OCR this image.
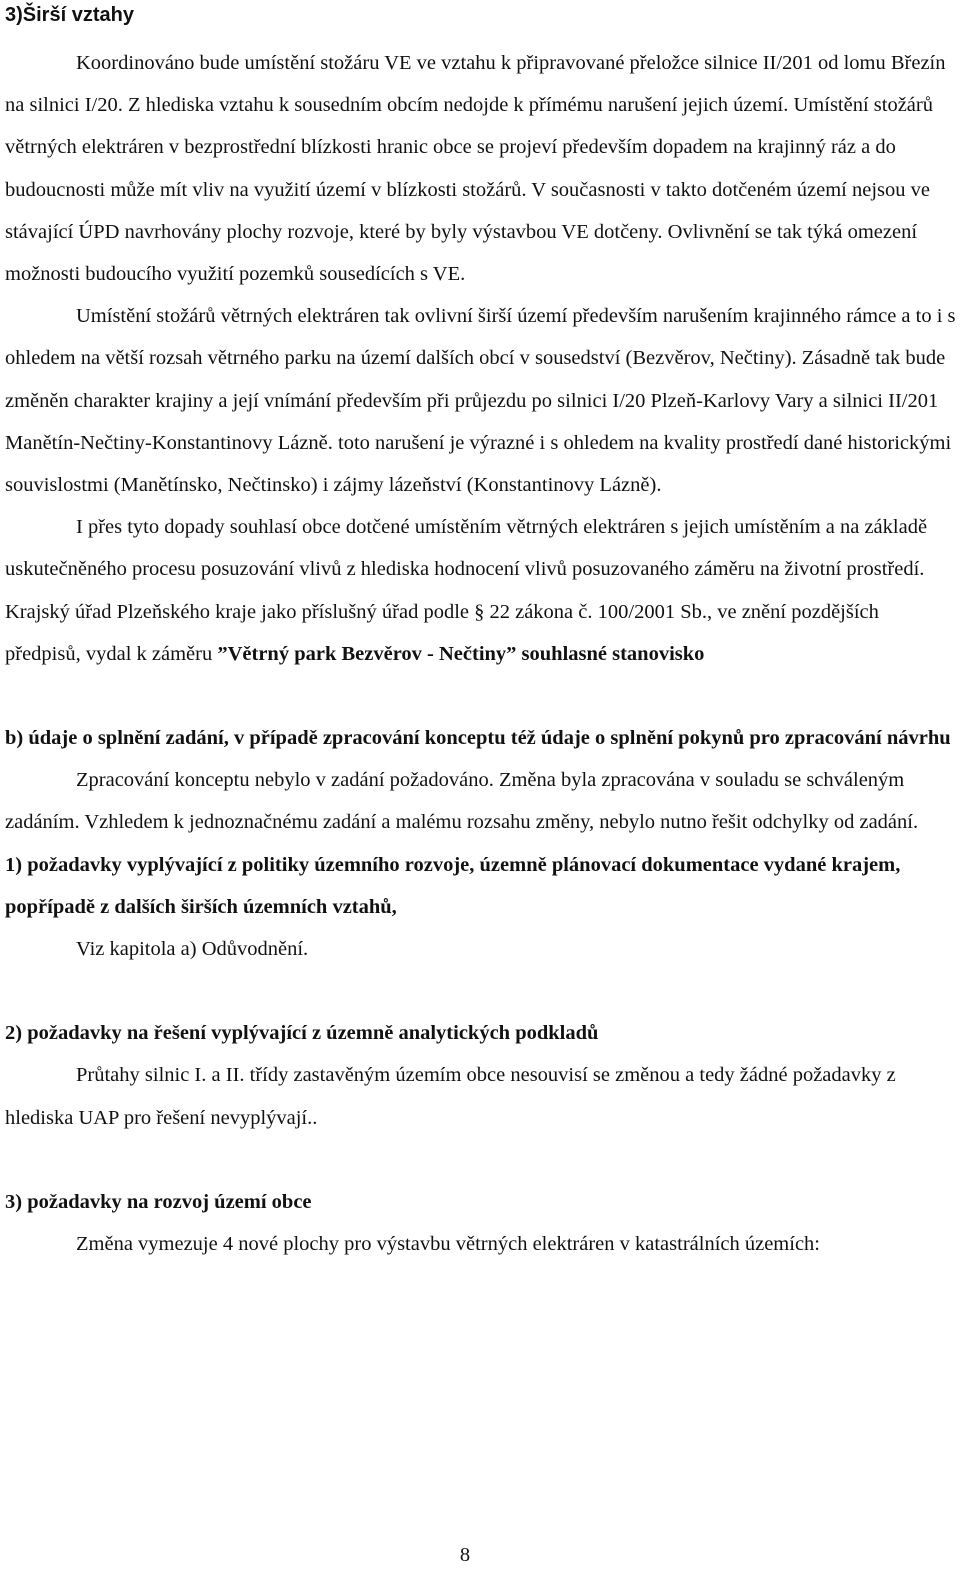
3)Širší vztahy

Koordinováno bude umístění stožáru VE ve vztahu k připravované přeložce silnice II/201 od lomu Březín na silnici I/20. Z hlediska vztahu k sousedním obcím nedojde k přímému narušení jejich území. Umístění stožárů větrných elektráren v bezprostřední blízkosti hranic obce se projeví především dopadem na krajinný ráz a do budoucnosti může mít vliv na využití území v blízkosti stožárů. V současnosti v takto dotčeném území nejsou ve stávající ÚPD navrhovány plochy rozvoje, které by byly výstavbou VE dotčeny. Ovlivnění se tak týká omezení možnosti budoucího využití pozemků sousedících s VE.

Umístění stožárů větrných elektráren tak ovlivní širší území především narušením krajinného rámce a to i s ohledem na větší rozsah větrného parku na území dalších obcí v sousedství (Bezvěrov, Nečtiny). Zásadně tak bude změněn charakter krajiny a její vnímání především při průjezdu po silnici I/20 Plzeň-Karlovy Vary a silnici II/201 Manětín-Nečtiny-Konstantinovy Lázně. toto narušení je výrazné i s ohledem na kvality prostředí dané historickými souvislostmi (Manětínsko, Nečtinsko) i zájmy lázeňství (Konstantinovy Lázně).

I přes tyto dopady souhlasí obce dotčené umístěním větrných elektráren s jejich umístěním a na základě uskutečněného procesu posuzování vlivů z hlediska hodnocení vlivů posuzovaného záměru na životní prostředí. Krajský úřad Plzeňského kraje jako příslušný úřad podle § 22 zákona č. 100/2001 Sb., ve znění pozdějších předpisů, vydal k záměru ”Větrný park Bezvěrov - Nečtiny” souhlasné stanovisko

b) údaje o splnění zadání, v případě zpracování konceptu též údaje o splnění pokynů pro zpracování návrhu

Zpracování konceptu nebylo v zadání požadováno. Změna byla zpracována v souladu se schváleným zadáním. Vzhledem k jednoznačnému zadání a malému rozsahu změny, nebylo nutno řešit odchylky od zadání.

1) požadavky vyplývající z politiky územního rozvoje, územně plánovací dokumentace vydané krajem, popřípadě z dalších širších územních vztahů,

Viz kapitola a) Odůvodnění.

2) požadavky na řešení vyplývající z územně analytických podkladů

Průtahy silnic I. a II. třídy zastavěným územím obce nesouvisí se změnou a tedy žádné požadavky z hlediska UAP pro řešení nevyplývají..

3) požadavky na rozvoj území obce

Změna vymezuje 4 nové plochy pro výstavbu větrných elektráren v katastrálních územích:

8
